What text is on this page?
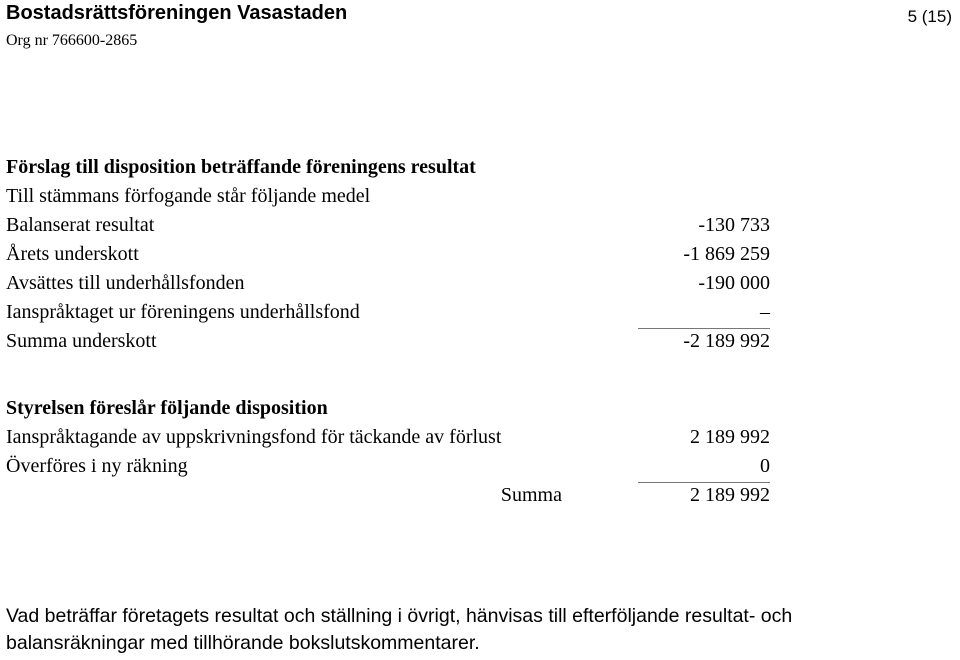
Bostadsrättsföreningen Vasastaden
Org nr 766600-2865
5 (15)
Förslag till disposition beträffande föreningens resultat
Till stämmans förfogande står följande medel
Balanserat resultat	-130 733
Årets underskott	-1 869 259
Avsättes till underhållsfonden	-190 000
Ianspråktaget ur föreningens underhållsfond	–
Summa underskott	-2 189 992
Styrelsen föreslår följande disposition
Ianspråktagande av uppskrivningsfond för täckande av förlust	2 189 992
Överföres i ny räkning	0
Summa	2 189 992
Vad beträffar företagets resultat och ställning i övrigt, hänvisas till efterföljande resultat- och
balansräkningar med tillhörande bokslutskommentarer.
